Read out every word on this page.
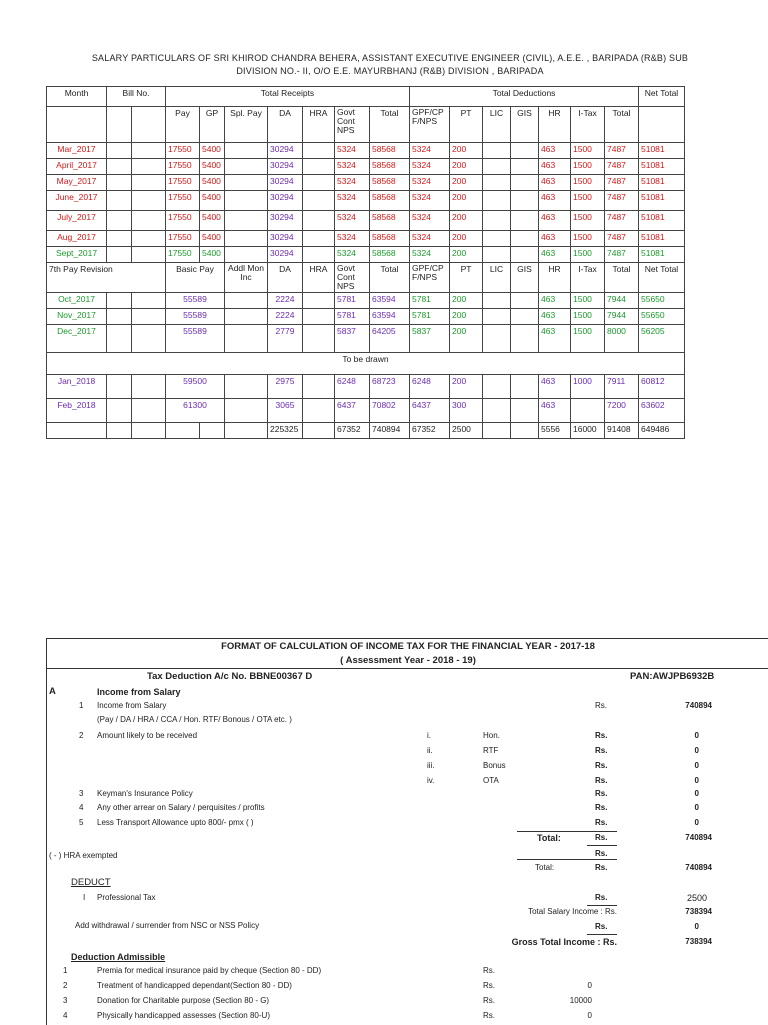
SALARY PARTICULARS OF SRI KHIROD CHANDRA BEHERA, ASSISTANT EXECUTIVE ENGINEER (CIVIL), A.E.E. , BARIPADA (R&B) SUB
DIVISION NO.- II, O/O E.E. MAYURBHANJ (R&B) DIVISION , BARIPADA
Month	Bill No.		Total Receipts							Total Deductions							Net Total
			Pay	GP	Spl. Pay	DA	HRA	Govt Cont NPS	Total	GPF/CP F/NPS	PT	LIC	GIS	HR	I-Tax	Total	
Mar_2017			17550	5400		30294		5324	58568	5324	200			463	1500	7487	51081
April_2017			17550	5400		30294		5324	58568	5324	200			463	1500	7487	51081
May_2017			17550	5400		30294		5324	58568	5324	200			463	1500	7487	51081
June_2017			17550	5400		30294		5324	58568	5324	200			463	1500	7487	51081
July_2017			17550	5400		30294		5324	58568	5324	200			463	1500	7487	51081
Aug_2017			17550	5400		30294		5324	58568	5324	200			463	1500	7487	51081
Sept_2017			17550	5400		30294		5324	58568	5324	200			463	1500	7487	51081
7th Pay Revision			Basic Pay		Addl Mon Inc	DA	HRA	Govt Cont NPS	Total	GPF/CP F/NPS	PT	LIC	GIS	HR	I-Tax	Total	Net Total
Oct_2017			55589			2224		5781	63594	5781	200			463	1500	7944	55650
Nov_2017			55589			2224		5781	63594	5781	200			463	1500	7944	55650
Dec_2017			55589			2779		5837	64205	5837	200			463	1500	8000	56205
To be drawn																	
Jan_2018			59500			2975		6248	68723	6248	200			463	1000	7911	60812
Feb_2018			61300			3065		6437	70802	6437	300			463		7200	63602
						225325		67352	740894	67352	2500			5556	16000	91408	649486
FORMAT OF CALCULATION OF INCOME TAX FOR THE FINANCIAL YEAR - 2017-18
( Assessment Year - 2018 - 19)
Tax Deduction A/c No. BBNE00367 D	PAN:AWJPB6932B
A	Income from Salary
1 Income from Salary	Rs.	740894
(Pay / DA / HRA / CCA / Hon. RTF/ Bonous / OTA etc. )
2 Amount likely to be received	i.	Hon.	Rs.	0
ii.	RTF	Rs.	0
iii.	Bonus	Rs.	0
iv.	OTA	Rs.	0
3 Keyman's Insurance Policy	Rs.	0
4 Any other arrear on Salary / perquisites / profits	Rs.	0
5 Less Transport Allowance upto 800/- pmx ( )	Rs.	0
Total:	Rs.	740894
( - ) HRA exempted	Rs.
Total:	Rs.	740894
DEDUCT
I Professional Tax	Rs.	2500
Total Salary Income : Rs.	738394
Add withdrawal / surrender from NSC or NSS Policy	Rs.	0
Gross Total Income : Rs.	738394
Deduction Admissible
1	Premia for medical insurance paid by cheque (Section 80 - DD)	Rs.
2	Treatment of handicapped dependant(Section 80 - DD)	Rs.	0
3	Donation for Charitable purpose (Section 80 - G)	Rs.	10000
4	Physically handicapped assesses (Section 80-U)	Rs.	0
